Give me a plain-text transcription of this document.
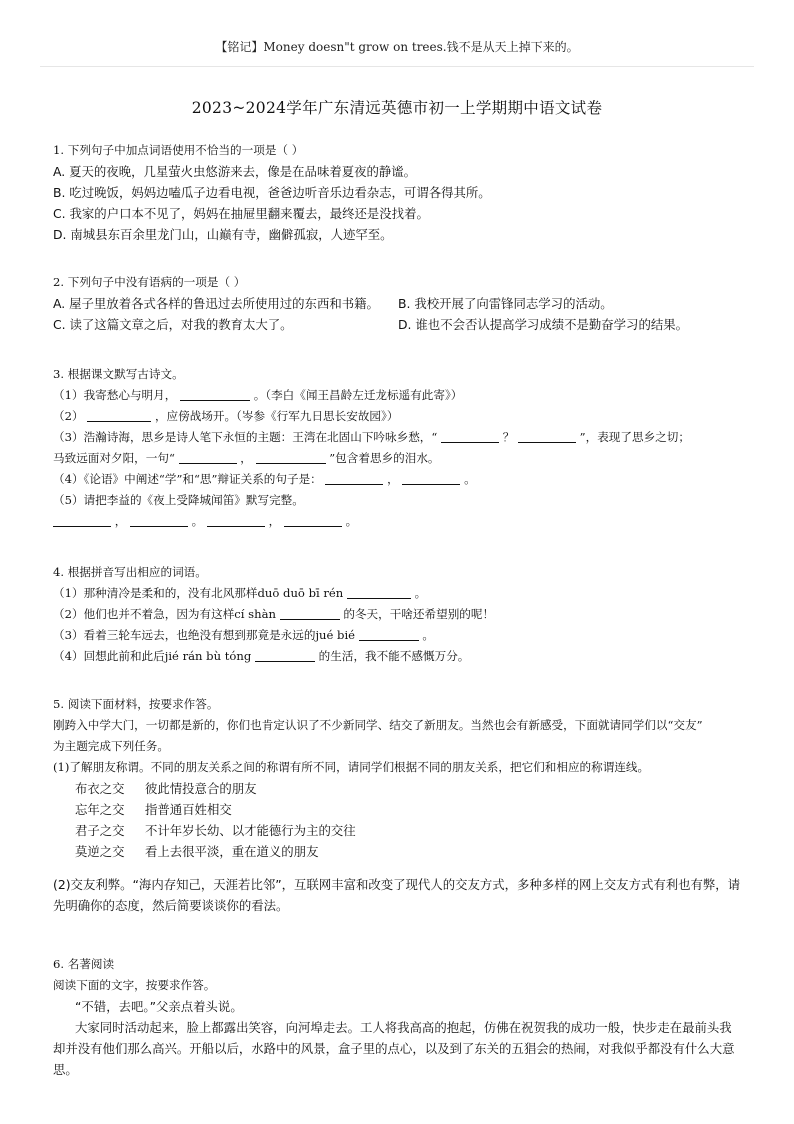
【铭记】Money doesn"t grow on trees.钱不是从天上掉下来的。
2023~2024学年广东清远英德市初一上学期期中语文试卷
1. 下列句子中加点词语使用不恰当的一项是（ ）
A. 夏天的夜晚，几星萤火虫悠游来去，像是在品味着夏夜的静谧。
B. 吃过晚饭，妈妈边嗑瓜子边看电视，爸爸边听音乐边看杂志，可谓各得其所。
C. 我家的户口本不见了，妈妈在抽屉里翻来覆去，最终还是没找着。
D. 南城县东百余里龙门山，山巅有寺，幽僻孤寂，人迹罕至。
2. 下列句子中没有语病的一项是（ ）
A. 屋子里放着各式各样的鲁迅过去所使用过的东西和书籍。 B. 我校开展了向雷锋同志学习的活动。
C. 读了这篇文章之后，对我的教育太大了。	D. 谁也不会否认提高学习成绩不是勤奋学习的结果。
3. 根据课文默写古诗文。
（1）我寄愁心与明月，	。（李白《闻王昌龄左迁龙标遥有此寄》）
（2）	，应傍战场开。（岑参《行军九日思长安故园》）
（3）浩瀚诗海，思乡是诗人笔下永恒的主题：王湾在北固山下吟咏乡愁，“	？	”，表现了思乡之切；
马致远面对夕阳，一句“	，	”包含着思乡的泪水。
（4）《论语》中阐述“学”和“思”辩证关系的句子是：	，	。
（5）请把李益的《夜上受降城闻笛》默写完整。
，	。	，	。
4. 根据拼音写出相应的词语。
（1）那种清冷是柔和的，没有北风那样duō duō bī rén	。
（2）他们也并不着急，因为有这样cí shàn	的冬天，干啥还希望别的呢！
（3）看着三轮车远去，也绝没有想到那竟是永远的jué bié	。
（4）回想此前和此后jié rán bù tóng	的生活，我不能不感慨万分。
5. 阅读下面材料，按要求作答。
刚跨入中学大门，一切都是新的，你们也肯定认识了不少新同学、结交了新朋友。当然也会有新感受，下面就请同学们以“交友”
为主题完成下列任务。
(1)了解朋友称谓。不同的朋友关系之间的称谓有所不同，请同学们根据不同的朋友关系，把它们和相应的称谓连线。
布衣之交 彼此情投意合的朋友
忘年之交 指普通百姓相交
君子之交 不计年岁长幼、以才能德行为主的交往
莫逆之交 看上去很平淡，重在道义的朋友
(2)交友利弊。“海内存知己，天涯若比邻”，互联网丰富和改变了现代人的交友方式，多种多样的网上交友方式有利也有弊，请先明确你的态度，然后简要谈谈你的看法。
6. 名著阅读
阅读下面的文字，按要求作答。
“不错，去吧。”父亲点着头说。
大家同时活动起来，脸上都露出笑容，向河埠走去。工人将我高高的抱起，仿佛在祝贺我的成功一般，快步走在最前头我却并没有他们那么高兴。开船以后，水路中的风景，盒子里的点心，以及到了东关的五猖会的热闹，对我似乎都没有什么大意思。
